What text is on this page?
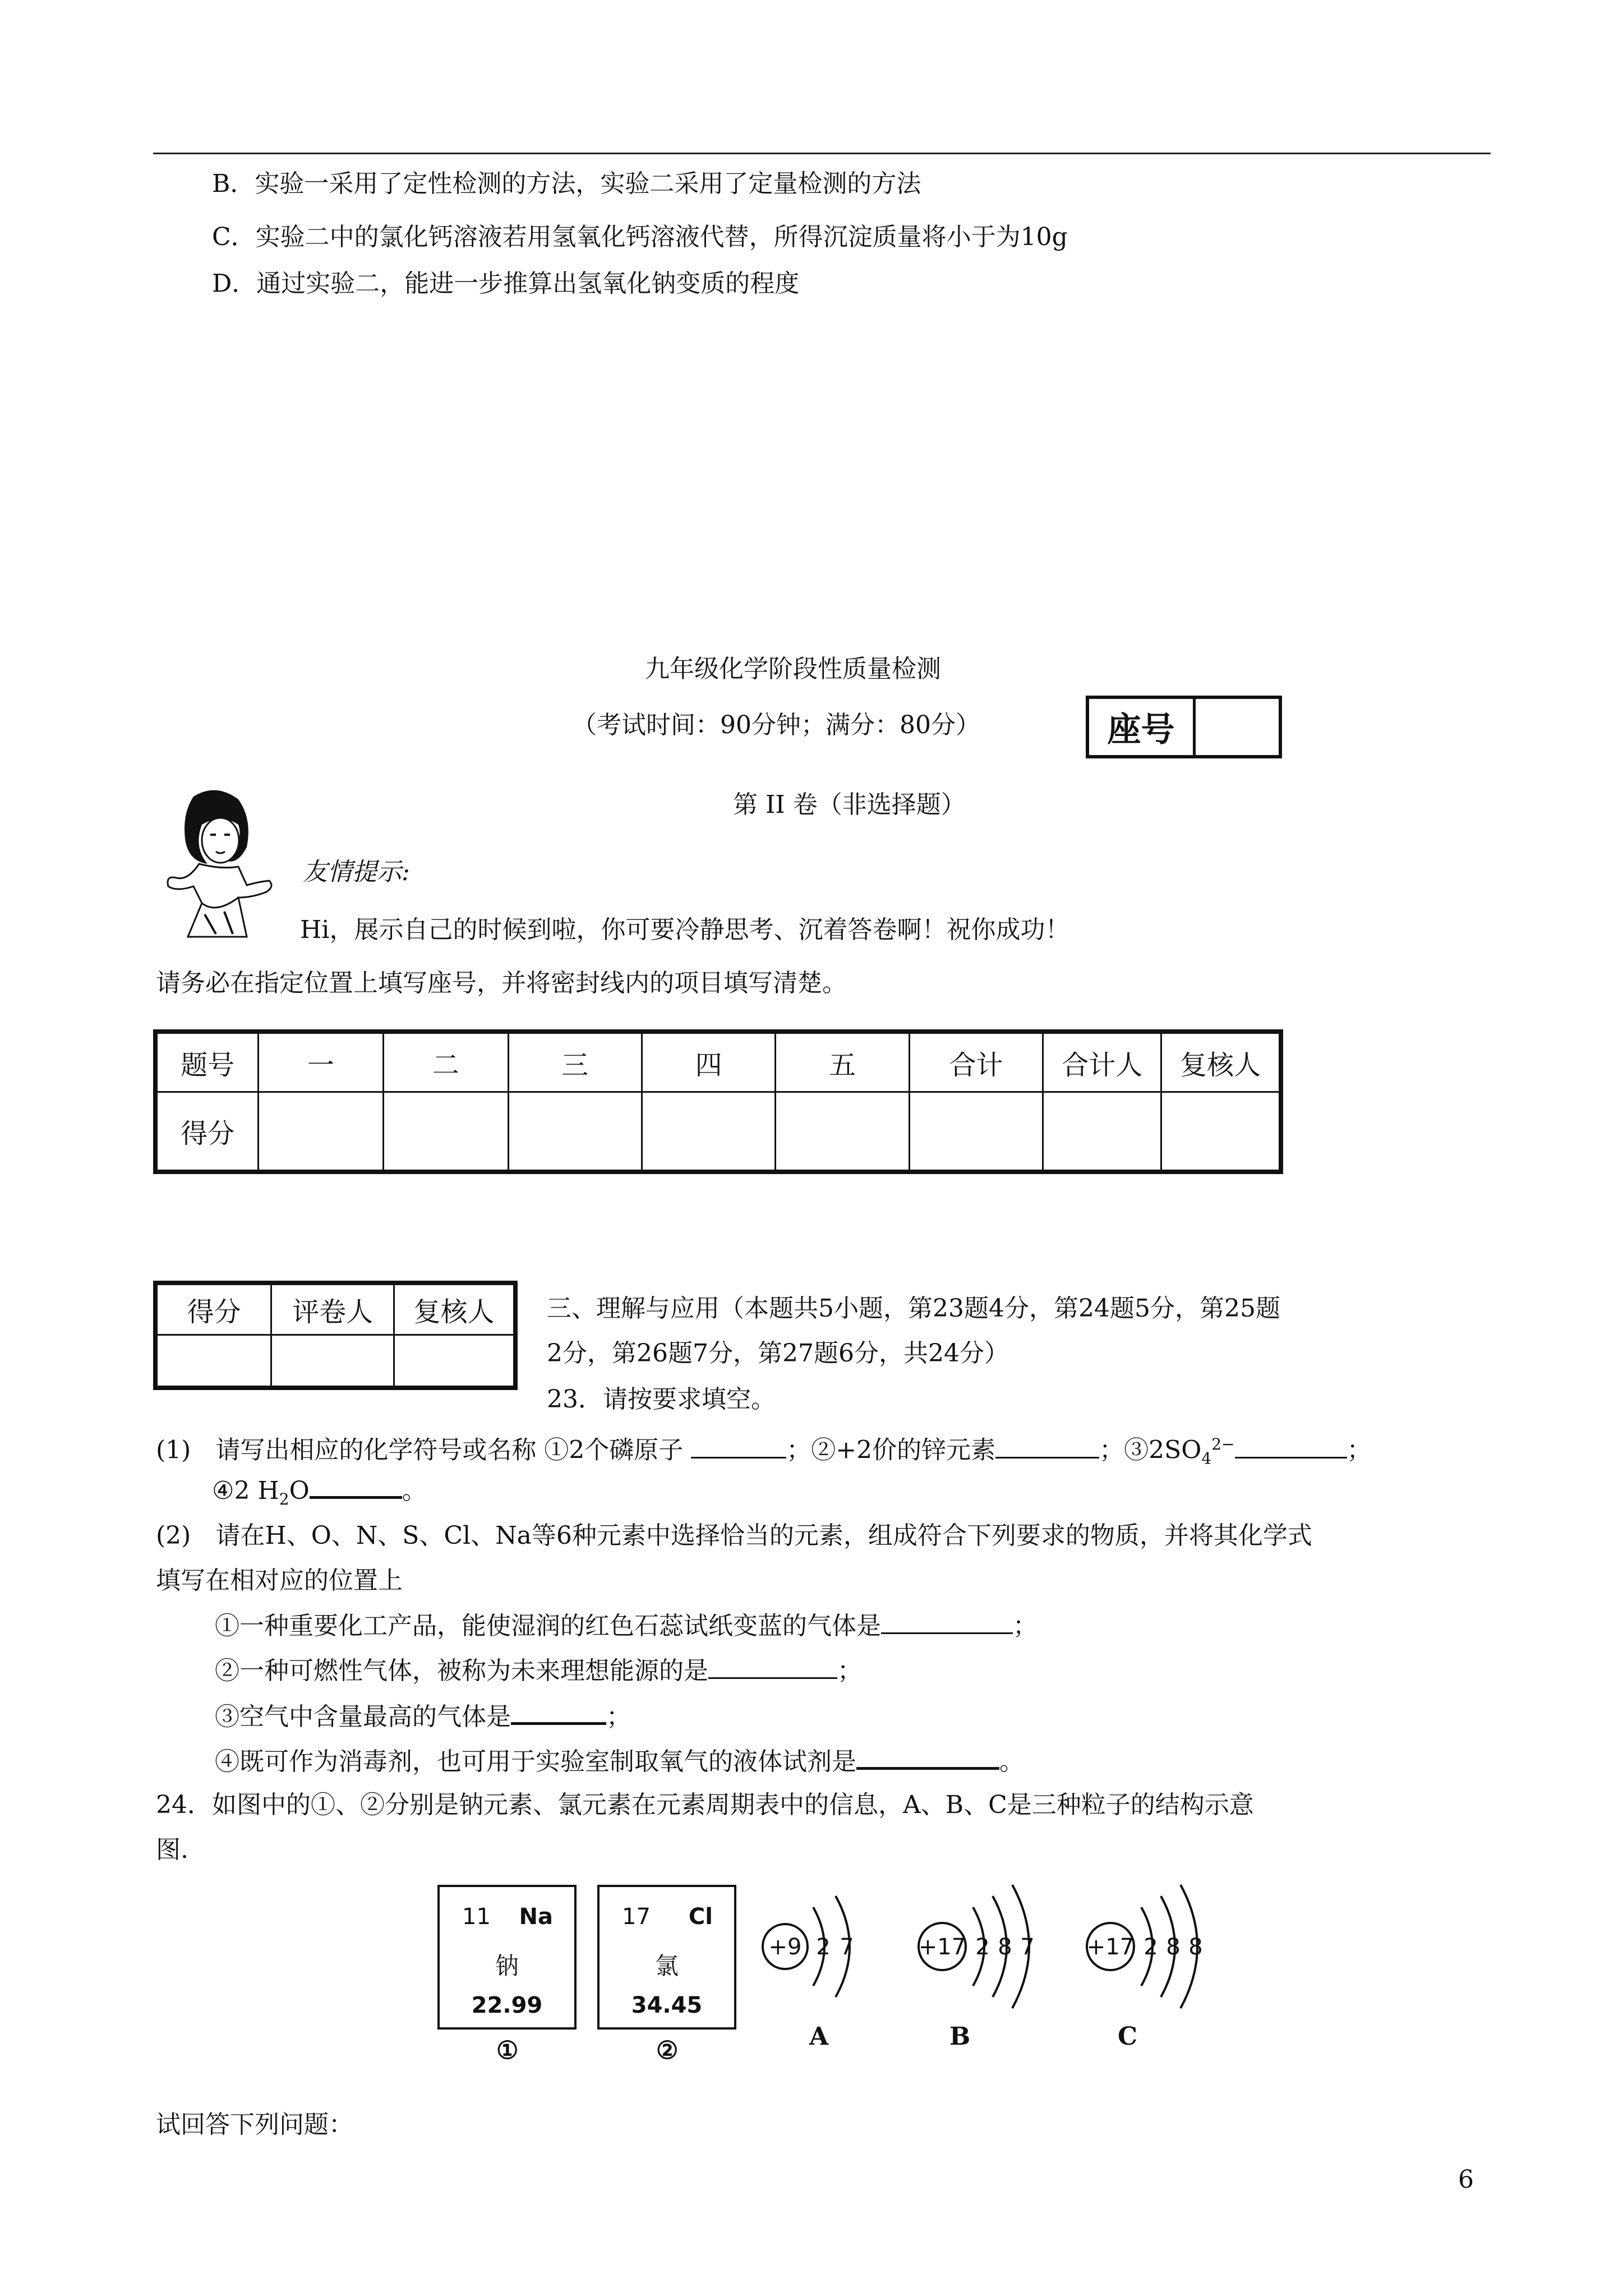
B．实验一采用了定性检测的方法，实验二采用了定量检测的方法
C．实验二中的氯化钙溶液若用氢氧化钙溶液代替，所得沉淀质量将小于为10g
D．通过实验二，能进一步推算出氢氧化钠变质的程度
九年级化学阶段性质量检测
（考试时间：90分钟；满分：80分）	座号
第 II 卷（非选择题）
友情提示:
Hi，展示自己的时候到啦，你可要冷静思考、沉着答卷啊！祝你成功！
请务必在指定位置上填写座号，并将密封线内的项目填写清楚。
题号	一	二	三	四	五	合计	合计人	复核人
得分								
得分	评卷人	复核人
		三、理解与应用（本题共5小题，第23题4分，第24题5分，第25题
2分，第26题7分，第27题6分，共24分）
23．请按要求填空。
(1)　请写出相应的化学符号或名称 ①2个磷原子	；②+2价的锌元素	；$③2SO_4^{2-}$	；
④2 $H_2O$	。
(2)　请在H、O、N、S、Cl、Na等6种元素中选择恰当的元素，组成符合下列要求的物质，并将其化学式
填写在相对应的位置上
①一种重要化工产品，能使湿润的红色石蕊试纸变蓝的气体是	；
②一种可燃性气体，被称为未来理想能源的是	；
③空气中含量最高的气体是	；
④既可作为消毒剂，也可用于实验室制取氧气的液体试剂是	。
24．如图中的①、②分别是钠元素、氯元素在元素周期表中的信息，A、B、C是三种粒子的结构示意
图.
11 Na
钠
22.99
17 Cl
氯
34.45
①	②
+9 2 7	+17 2 8 7 +17 2 8 8
A	B	C
试回答下列问题：
6
